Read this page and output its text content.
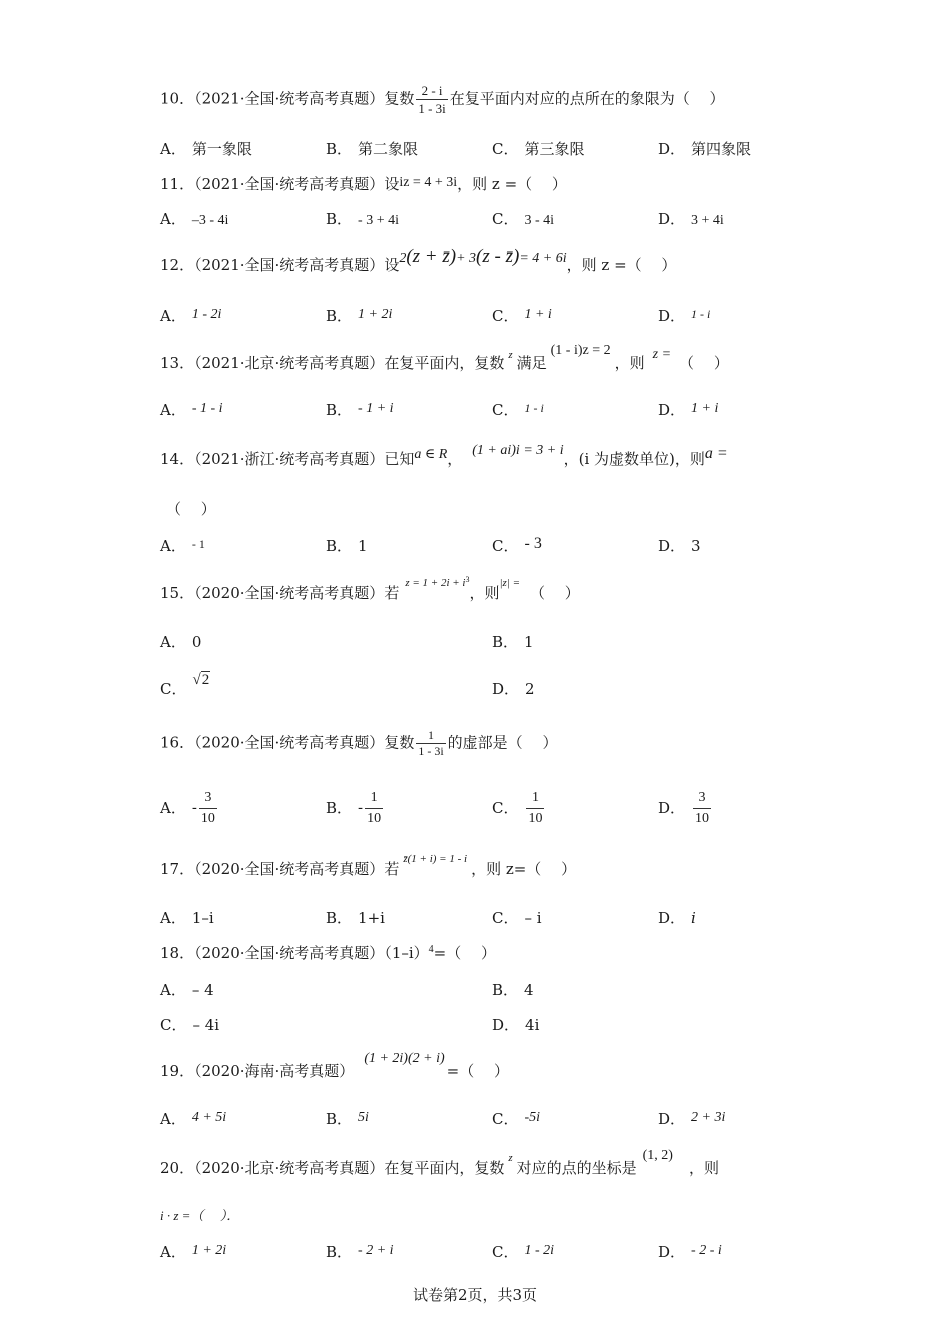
10．（2021·全国·统考高考真题）复数 $\frac{2 - i}{1 - 3i}$ 在复平面内对应的点所在的象限为（　 ）
A． 第一象限	B． 第二象限	C． 第三象限	D． 第四象限
11．（2021·全国·统考高考真题）设iz = 4 + 3i，则 z =（　 ）
A． –3 - 4i	B． - 3 + 4i	C． 3 - 4i	D． 3 + 4i
12．（2021·全国·统考高考真题）设2(z + z̄)+ 3(z - z̄)= 4 + 6i，则 z =（　 ）
A． 1 - 2i	B． 1 + 2i	C． 1 + i	D． $^{1 - i}$
13．（2021·北京·统考高考真题）在复平面内，复数 $^z$ 满足(1 - i)z = 2，则 z = （　 ）
A． - 1 - i	B． - 1 + i	C． $^{1 - i}$	D． 1 + i
14．（2021·浙江·统考高考真题）已知a ∈ R， (1 + ai)i = 3 + i，(i 为虚数单位)，则a =
（　 ）
A． $^{- 1}$	B． 1	C． - 3	D． 3
15．（2020·全国·统考高考真题）若$^{z = 1 + 2i + i^3}$，则$^{|z| =}$（　 ）
A． 0	B． 1
C． √2	D． 2
16．（2020·全国·统考高考真题）复数 $\frac{1}{1 - 3i}$ 的虚部是（　 ）
A． - $\frac{3}{10}$	B． - $\frac{1}{10}$	C． $\frac{1}{10}$	D． $\frac{3}{10}$
17．（2020·全国·统考高考真题）若$^{z̄(1 + i) = 1 - i}$，则 z=（　 ）
A． 1–i	B． 1+i	C． – i	D． i
18．（2020·全国·统考高考真题）$(1-i)^4=$（　 ）
A． – 4	B． 4
C． – 4i	D． 4i
19．（2020·海南·高考真题）(1 + 2i)(2 + i)=（　 ）
A． 4 + 5i	B． 5i	C． -5i	D． 2 + 3i
20．（2020·北京·统考高考真题）在复平面内，复数$^z$对应的点的坐标是(1, 2)，则
i · z =（　 ）．
A． 1 + 2i	B． - 2 + i	C． 1 - 2i	D． - 2 - i
试卷第2页，共3页
